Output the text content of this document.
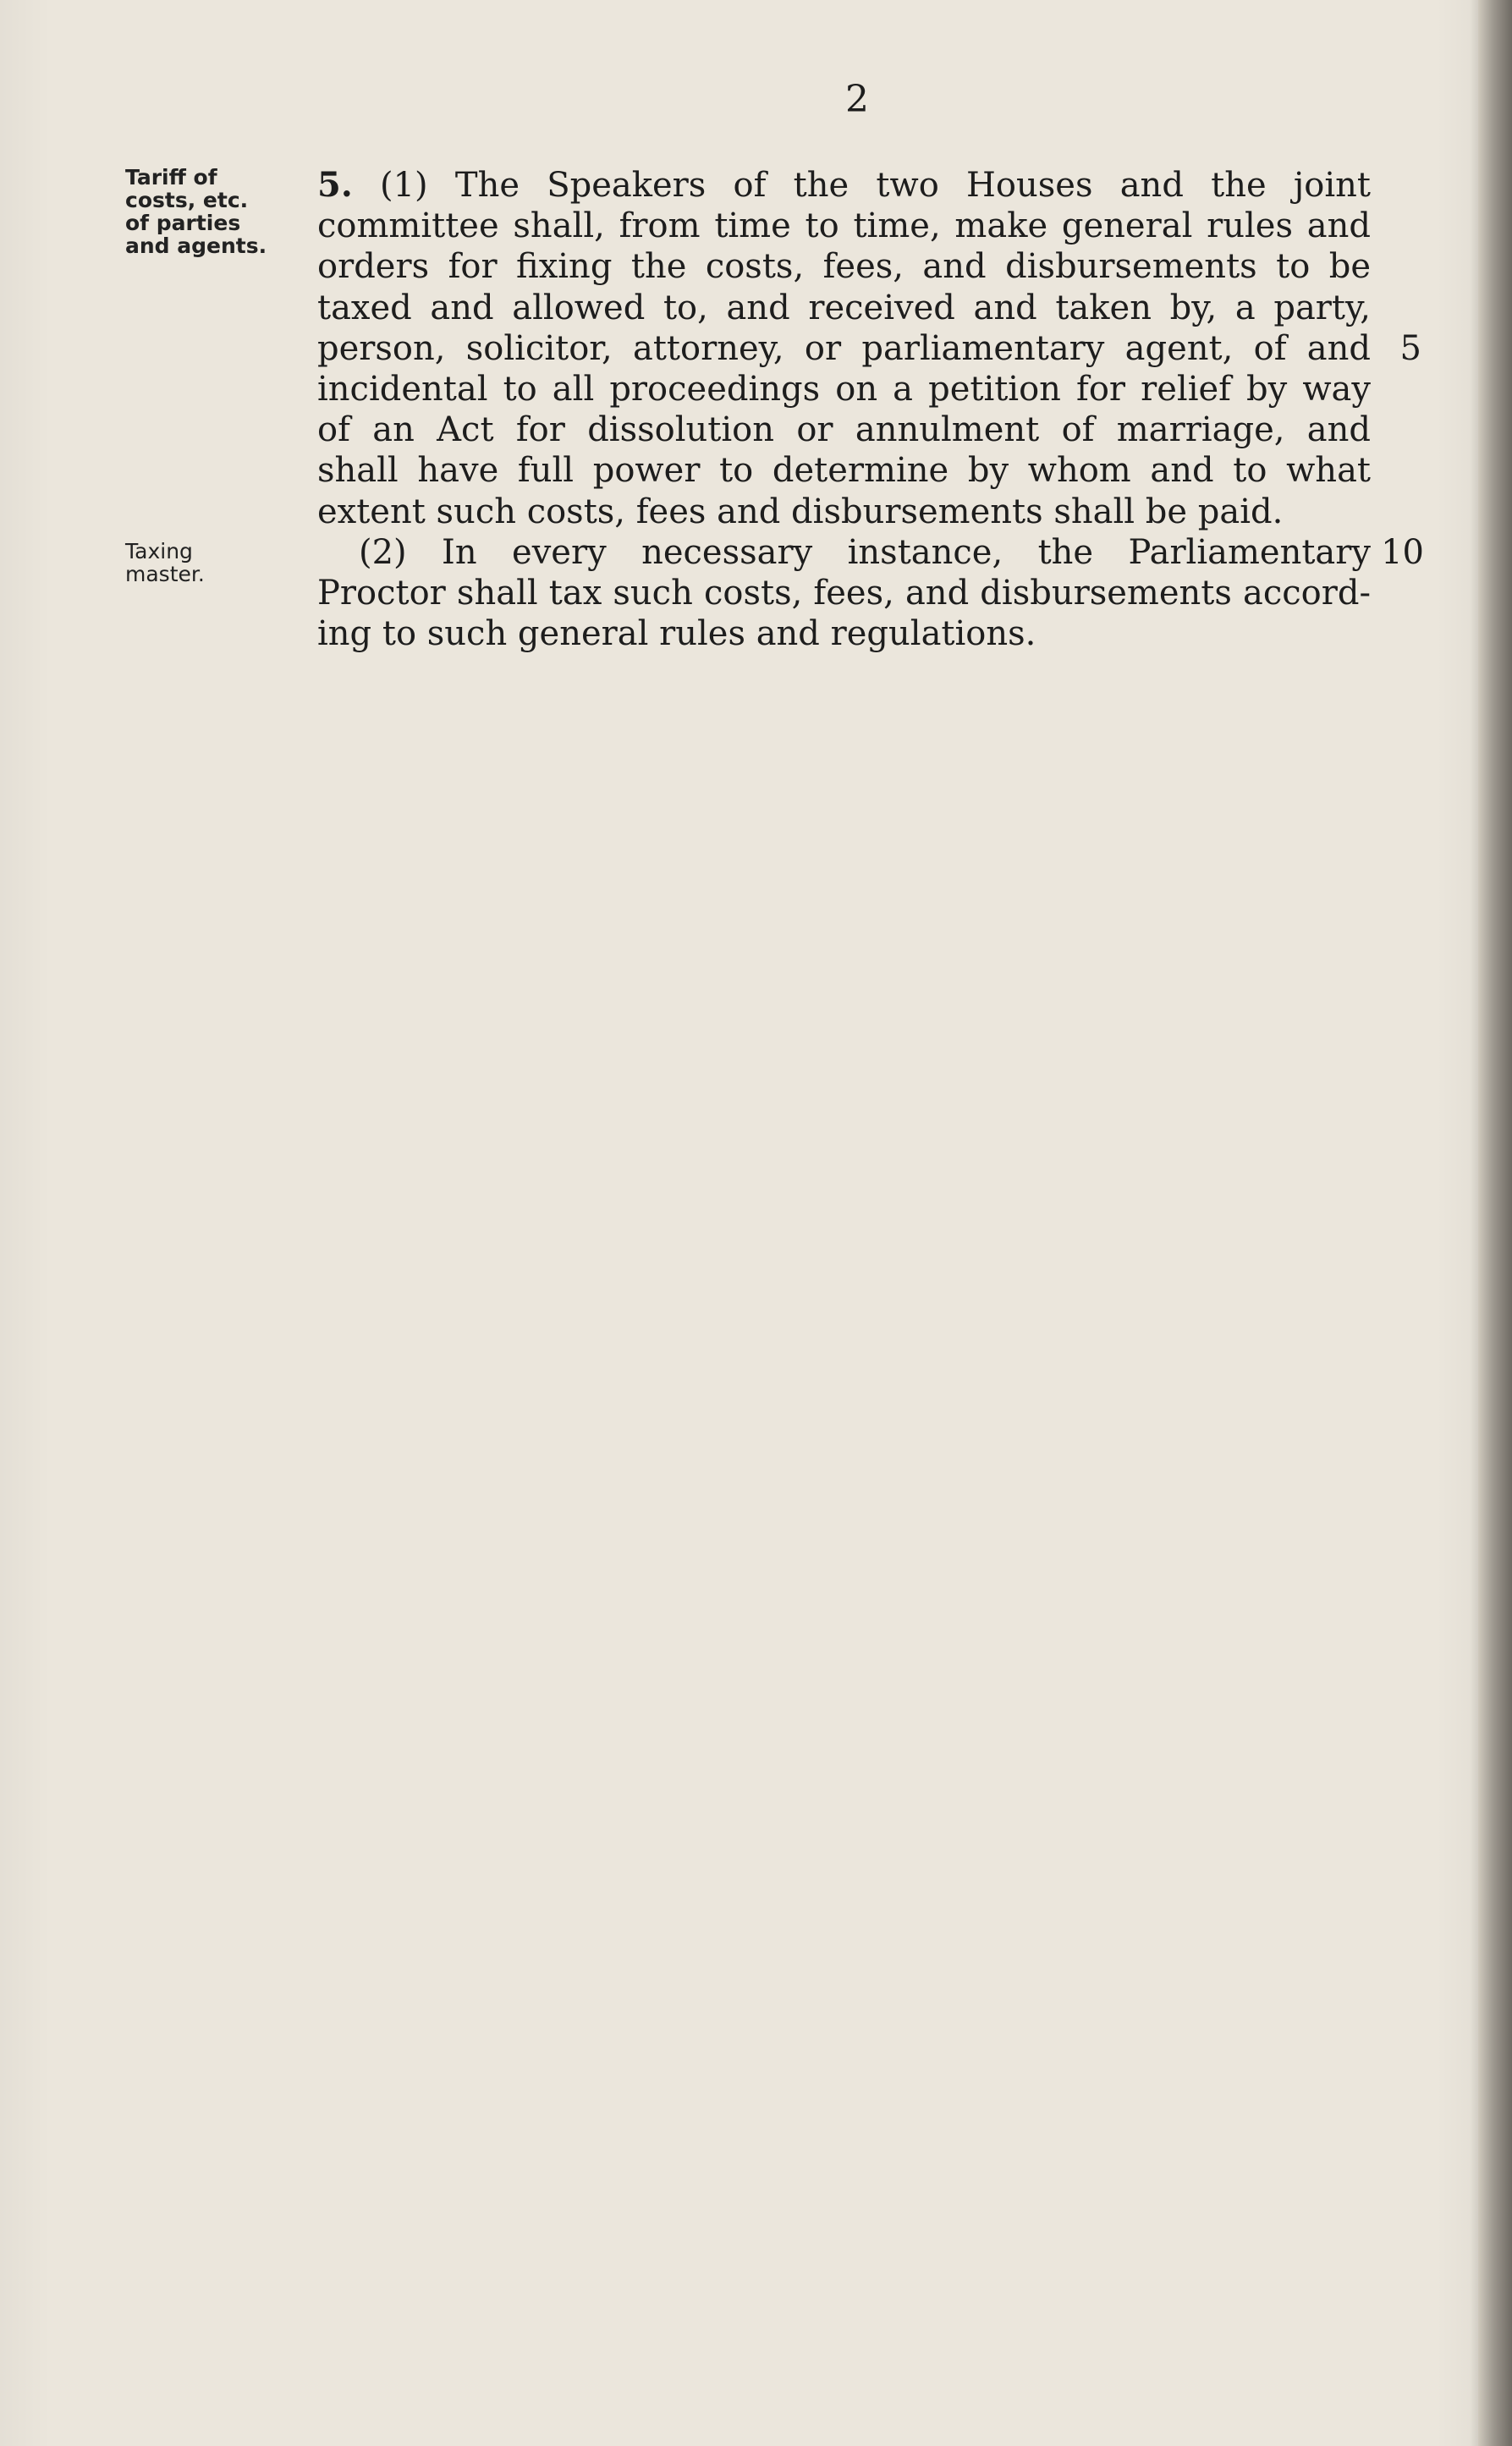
2
Tariff of
costs, etc.
of parties
and agents.
Taxing
master.
5. (1) The Speakers of the two Houses and the joint
committee shall, from time to time, make general rules and
orders for fixing the costs, fees, and disbursements to be
taxed and allowed to, and received and taken by, a party,
person, solicitor, attorney, or parliamentary agent, of and
incidental to all proceedings on a petition for relief by way
of an Act for dissolution or annulment of marriage, and
shall have full power to determine by whom and to what
extent such costs, fees and disbursements shall be paid.
(2) In every necessary instance, the Parliamentary
Proctor shall tax such costs, fees, and disbursements accord-
ing to such general rules and regulations.
5
10
